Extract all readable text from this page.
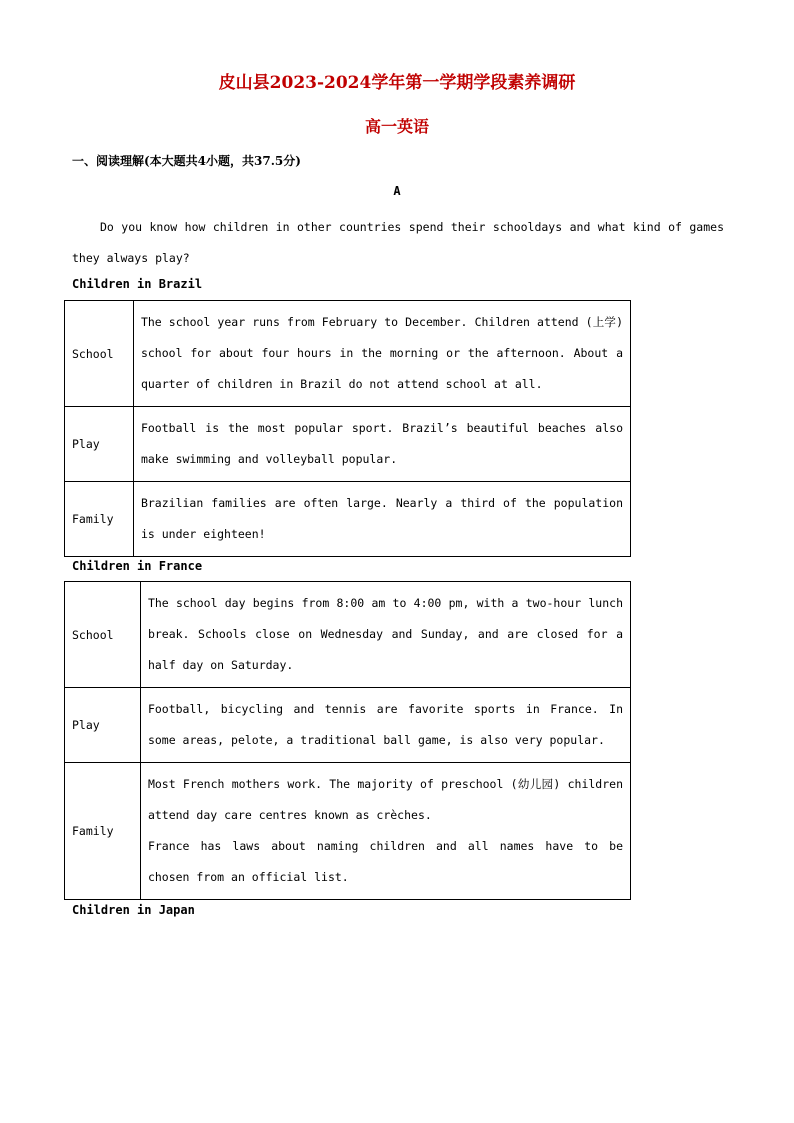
皮山县2023-2024学年第一学期学段素养调研
高一英语
一、阅读理解(本大题共4小题，共37.5分)
A

Do you know how children in other countries spend their schooldays and what kind of games they always play?

Children in Brazil
School	The school year runs from February to December. Children attend (上学) school for about four hours in the morning or the afternoon. About a quarter of children in Brazil do not attend school at all.
Play	Football is the most popular sport. Brazil’s beautiful beaches also make swimming and volleyball popular.
Family	Brazilian families are often large. Nearly a third of the population is under eighteen!
Children in France
School	The school day begins from 8:00 am to 4:00 pm, with a two-hour lunch break. Schools close on Wednesday and Sunday, and are closed for a half day on Saturday.
Play	Football, bicycling and tennis are favorite sports in France. In some areas, pelote, a traditional ball game, is also very popular.
Family	Most French mothers work. The majority of preschool (幼儿园) children attend day care centres known as crèches.
France has laws about naming children and all names have to be chosen from an official list.
Children in Japan
